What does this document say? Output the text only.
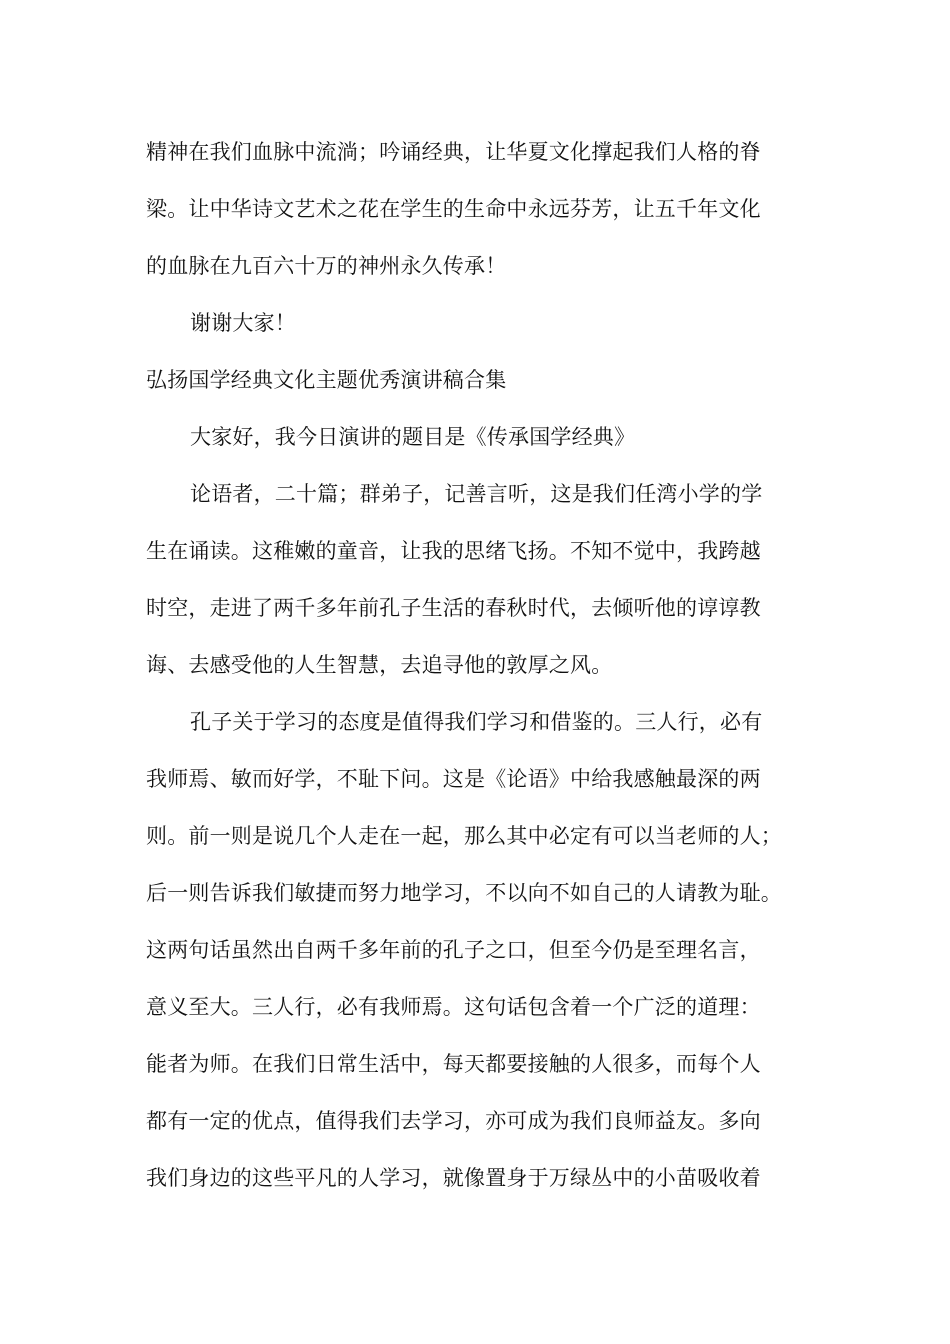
精神在我们血脉中流淌；吟诵经典，让华夏文化撑起我们人格的脊
梁。让中华诗文艺术之花在学生的生命中永远芬芳，让五千年文化
的血脉在九百六十万的神州永久传承！
谢谢大家！
弘扬国学经典文化主题优秀演讲稿合集
大家好，我今日演讲的题目是《传承国学经典》
论语者，二十篇；群弟子，记善言听，这是我们任湾小学的学
生在诵读。这稚嫩的童音，让我的思绪飞扬。不知不觉中，我跨越
时空，走进了两千多年前孔子生活的春秋时代，去倾听他的谆谆教
诲、去感受他的人生智慧，去追寻他的敦厚之风。
孔子关于学习的态度是值得我们学习和借鉴的。三人行，必有
我师焉、敏而好学，不耻下问。这是《论语》中给我感触最深的两
则。前一则是说几个人走在一起，那么其中必定有可以当老师的人；
后一则告诉我们敏捷而努力地学习，不以向不如自己的人请教为耻。
这两句话虽然出自两千多年前的孔子之口，但至今仍是至理名言，
意义至大。三人行，必有我师焉。这句话包含着一个广泛的道理：
能者为师。在我们日常生活中，每天都要接触的人很多，而每个人
都有一定的优点，值得我们去学习，亦可成为我们良师益友。多向
我们身边的这些平凡的人学习，就像置身于万绿丛中的小苗吸收着
